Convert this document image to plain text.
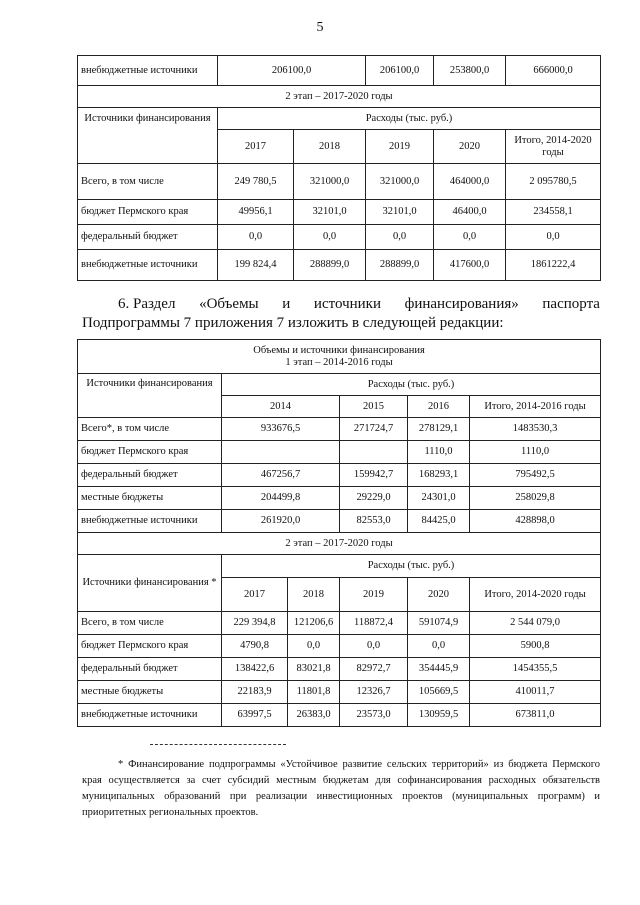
5
внебюджетные источники	206100,0		206100,0	253800,0	666000,0
2 этап – 2017-2020 годы					
Источники финансирования	Расходы (тыс. руб.)				
	2017	2018	2019	2020	Итого, 2014-2020 годы
Всего, в том числе	249 780,5	321000,0	321000,0	464000,0	2 095780,5
бюджет Пермского края	49956,1	32101,0	32101,0	46400,0	234558,1
федеральный бюджет	0,0	0,0	0,0	0,0	0,0
внебюджетные источники	199 824,4	288899,0	288899,0	417600,0	1861222,4
6. Раздел «Объемы и источники финансирования» паспорта
Подпрограммы 7 приложения 7 изложить в следующей редакции:
Объемы и источники финансирования
1 этап – 2014-2016 годы					

Источники финансирования	Расходы (тыс. руб.)				
	2014		2015	2016	Итого, 2014-2016 годы
Всего*, в том числе	933676,5		271724,7	278129,1	1483530,3
бюджет Пермского края				1110,0	1110,0
федеральный бюджет	467256,7		159942,7	168293,1	795492,5
местные бюджеты	204499,8		29229,0	24301,0	258029,8
внебюджетные источники	261920,0		82553,0	84425,0	428898,0
2 этап – 2017-2020 годы					
Источники финансирования *	Расходы (тыс. руб.)				
	2017	2018	2019	2020	Итого, 2014-2020 годы
Всего, в том числе	229 394,8	121206,6	118872,4	591074,9	2 544 079,0
бюджет Пермского края	4790,8	0,0	0,0	0,0	5900,8
федеральный бюджет	138422,6	83021,8	82972,7	354445,9	1454355,5
местные бюджеты	22183,9	11801,8	12326,7	105669,5	410011,7
внебюджетные источники	63997,5	26383,0	23573,0	130959,5	673811,0
* Финансирование подпрограммы «Устойчивое развитие сельских территорий» из бюджета Пермского края осуществляется за счет субсидий местным бюджетам для софинансирования расходных обязательств муниципальных образований при реализации инвестиционных проектов (муниципальных программ) и приоритетных региональных проектов.
